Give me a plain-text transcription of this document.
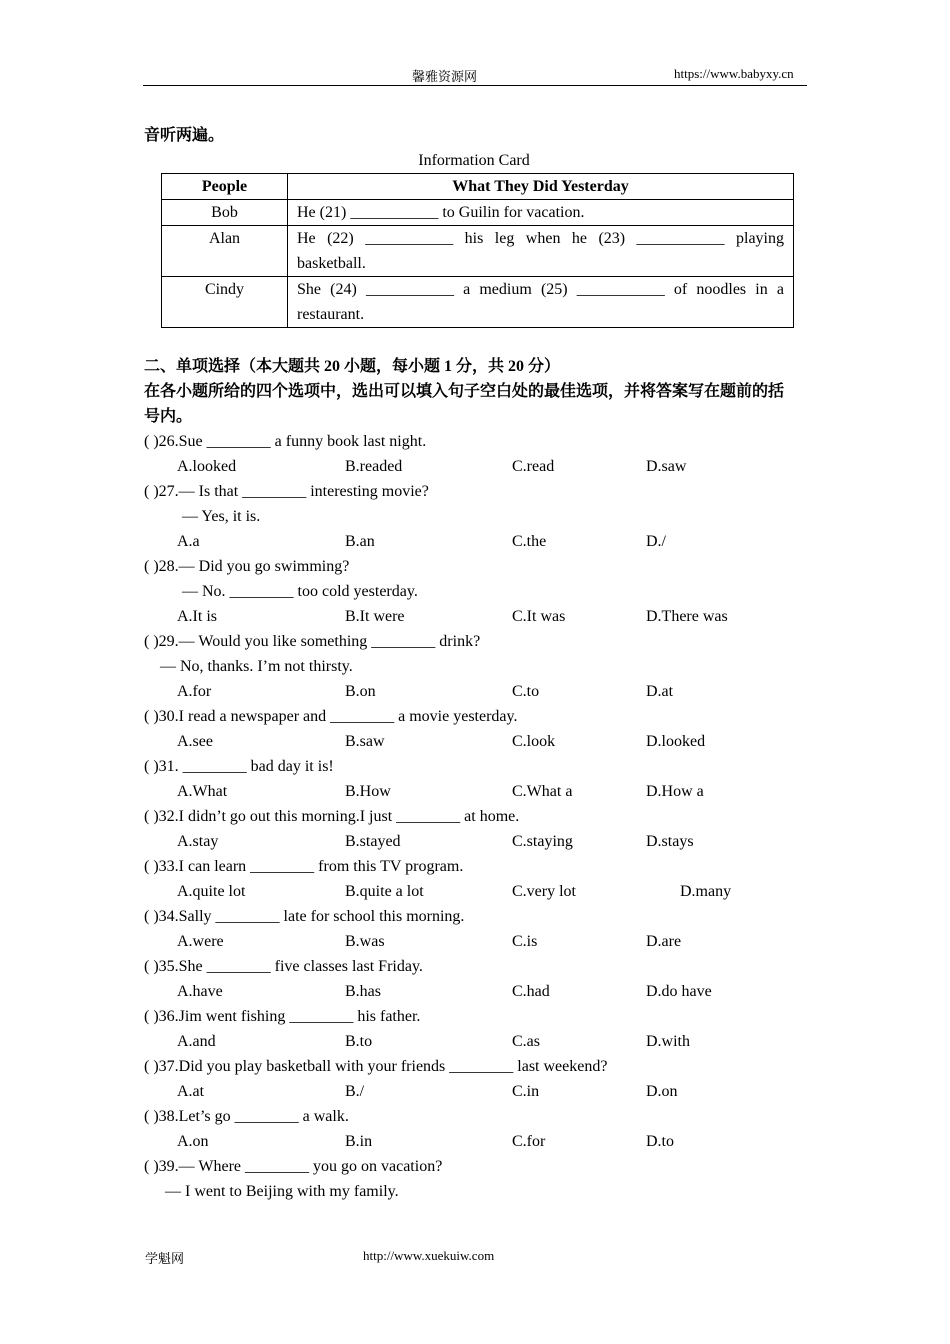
馨雅资源网	https://www.babyxy.cn
音听两遍。
Information Card
People	What They Did Yesterday
Bob	He (21) ___________ to Guilin for vacation.
Alan	He (22) ___________ his leg when he (23) ___________ playing basketball.
Cindy	She (24) ___________ a medium (25) ___________ of noodles in a restaurant.
二、单项选择（本大题共 20 小题，每小题 1 分，共 20 分）
在各小题所给的四个选项中，选出可以填入句子空白处的最佳选项，并将答案写在题前的括
号内。
( )26.Sue ________ a funny book last night.
A.looked	B.readed	C.read	D.saw
( )27.— Is that ________ interesting movie?
— Yes, it is.
A.a	B.an	C.the	D./
( )28.— Did you go swimming?
— No. ________ too cold yesterday.
A.It is	B.It were	C.It was	D.There was
( )29.— Would you like something ________ drink?
— No, thanks. I’m not thirsty.
A.for	B.on	C.to	D.at
( )30.I read a newspaper and ________ a movie yesterday.
A.see	B.saw	C.look	D.looked
( )31. ________ bad day it is!
A.What	B.How	C.What a	D.How a
( )32.I didn’t go out this morning.I just ________ at home.
A.stay	B.stayed	C.staying	D.stays
( )33.I can learn ________ from this TV program.
A.quite lot	B.quite a lot	C.very lot	D.many
( )34.Sally ________ late for school this morning.
A.were	B.was	C.is	D.are
( )35.She ________ five classes last Friday.
A.have	B.has	C.had	D.do have
( )36.Jim went fishing ________ his father.
A.and	B.to	C.as	D.with
( )37.Did you play basketball with your friends ________ last weekend?
A.at	B./	C.in	D.on
( )38.Let’s go ________ a walk.
A.on	B.in	C.for	D.to
( )39.— Where ________ you go on vacation?
— I went to Beijing with my family.
学魁网	http://www.xuekuiw.com
